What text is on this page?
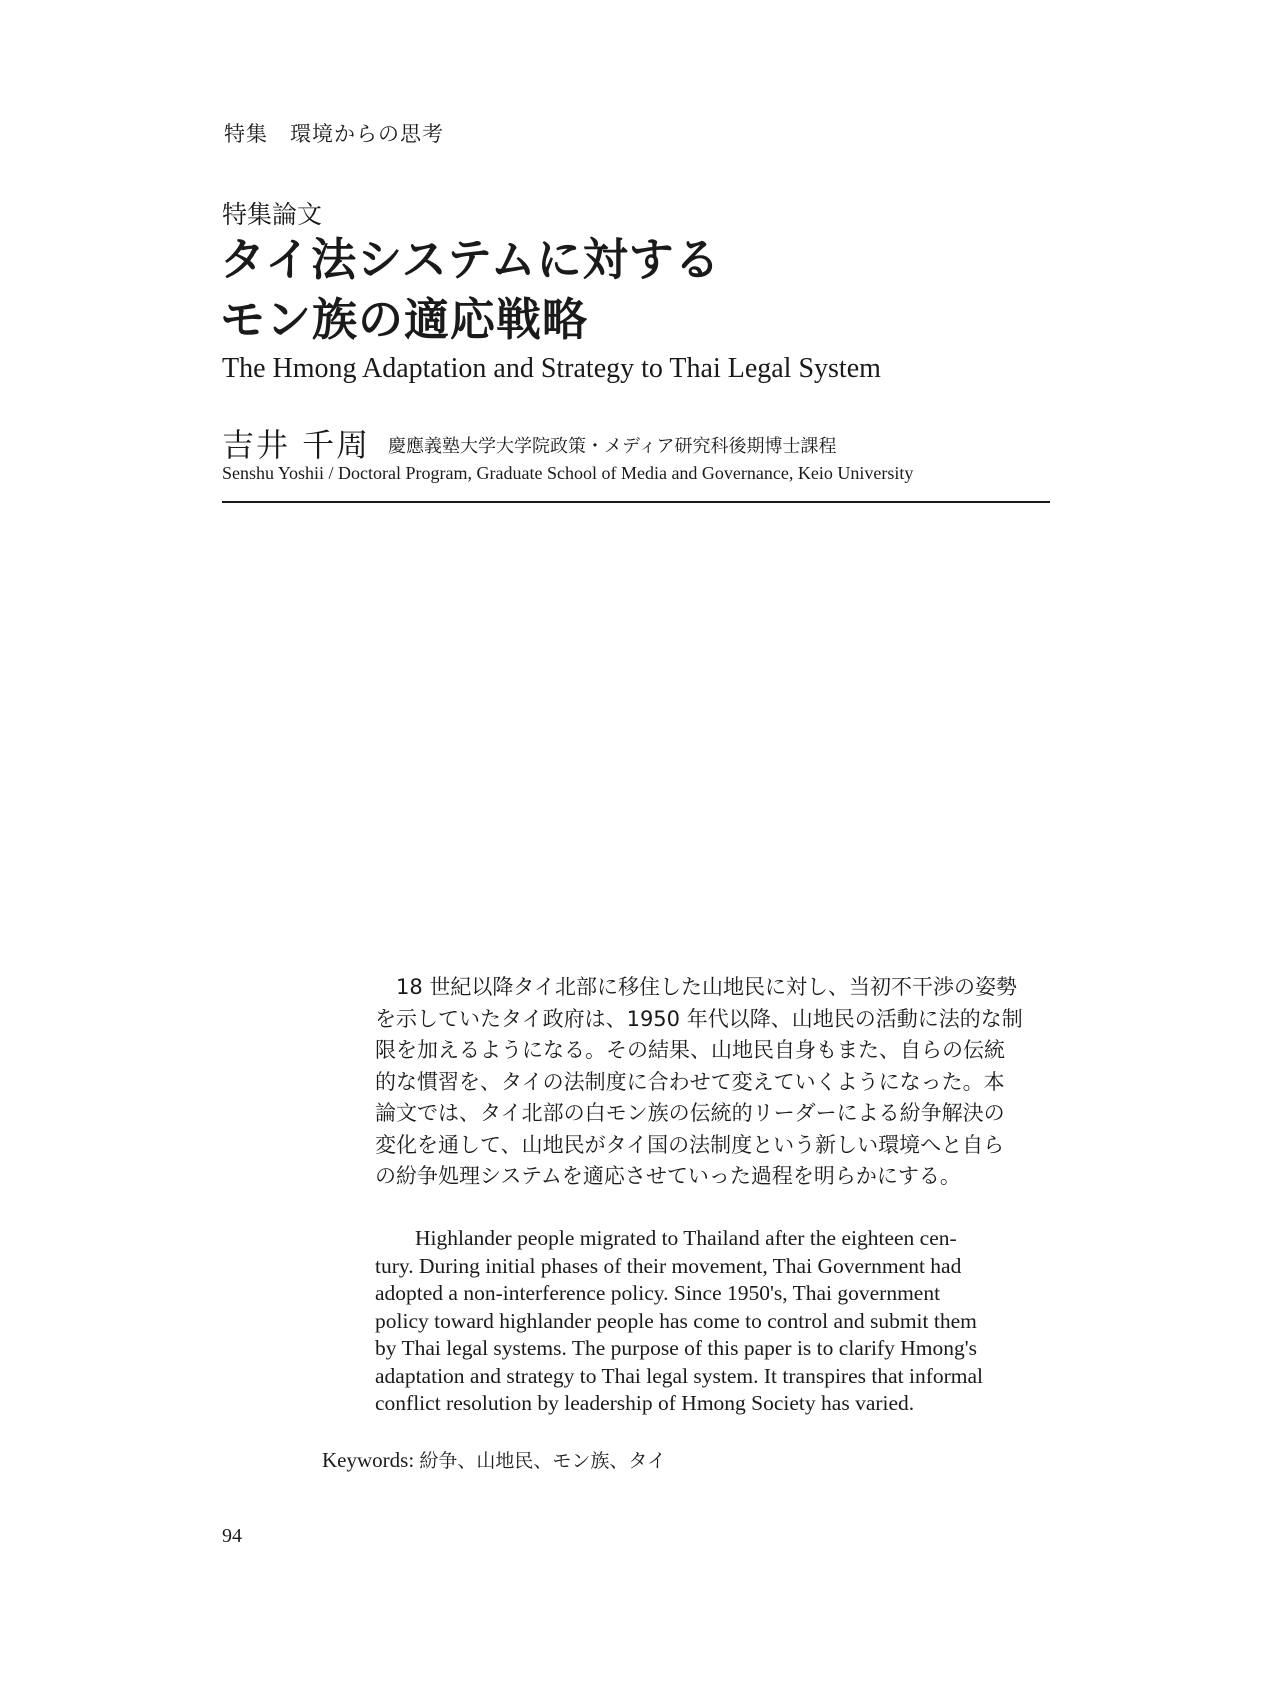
特集　環境からの思考
特集論文
タイ法システムに対する
モン族の適応戦略
The Hmong Adaptation and Strategy to Thai Legal System
吉井 千周 慶應義塾大学大学院政策・メディア研究科後期博士課程
Senshu Yoshii / Doctoral Program, Graduate School of Media and Governance, Keio University
　18 世紀以降タイ北部に移住した山地民に対し、当初不干渉の姿勢
を示していたタイ政府は、1950 年代以降、山地民の活動に法的な制
限を加えるようになる。その結果、山地民自身もまた、自らの伝統
的な慣習を、タイの法制度に合わせて変えていくようになった。本
論文では、タイ北部の白モン族の伝統的リーダーによる紛争解決の
変化を通して、山地民がタイ国の法制度という新しい環境へと自ら
の紛争処理システムを適応させていった過程を明らかにする。
Highlander people migrated to Thailand after the eighteen cen-
tury. During initial phases of their movement, Thai Government had
adopted a non-interference policy. Since 1950's, Thai government
policy toward highlander people has come to control and submit them
by Thai legal systems. The purpose of this paper is to clarify Hmong's
adaptation and strategy to Thai legal system. It transpires that informal
conflict resolution by leadership of Hmong Society has varied.
Keywords: 紛争、山地民、モン族、タイ
94
